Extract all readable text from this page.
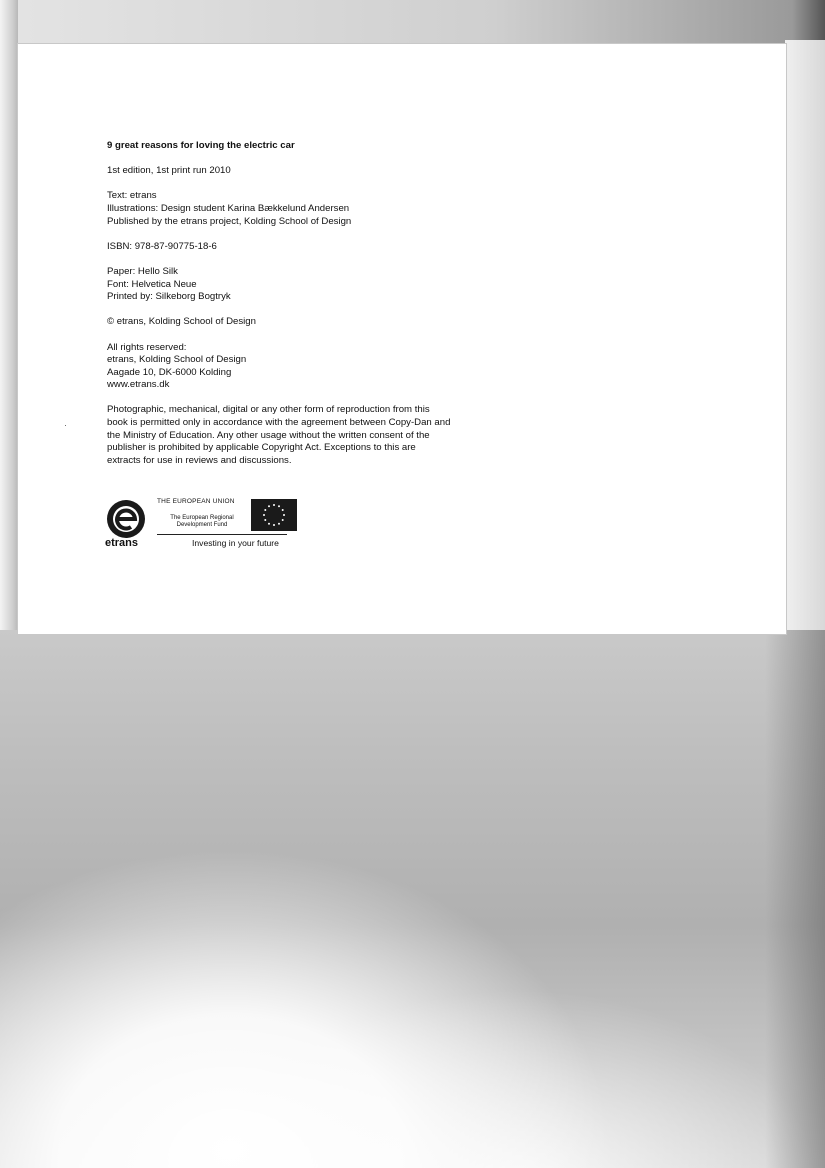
·

9 great reasons for loving the electric car

1st edition, 1st print run 2010

Text: etrans
Illustrations: Design student Karina Bækkelund Andersen
Published by the etrans project, Kolding School of Design

ISBN: 978-87-90775-18-6

Paper: Hello Silk
Font: Helvetica Neue
Printed by: Silkeborg Bogtryk

© etrans, Kolding School of Design

All rights reserved:
etrans, Kolding School of Design
Aagade 10, DK-6000 Kolding
www.etrans.dk

Photographic, mechanical, digital or any other form of reproduction from this book is permitted only in accordance with the agreement between Copy-Dan and the Ministry of Education. Any other usage without the written consent of the publisher is prohibited by applicable Copyright Act. Exceptions to this are extracts for use in reviews and discussions.

etrans
THE EUROPEAN UNION
The European Regional
Development Fund
Investing in your future
